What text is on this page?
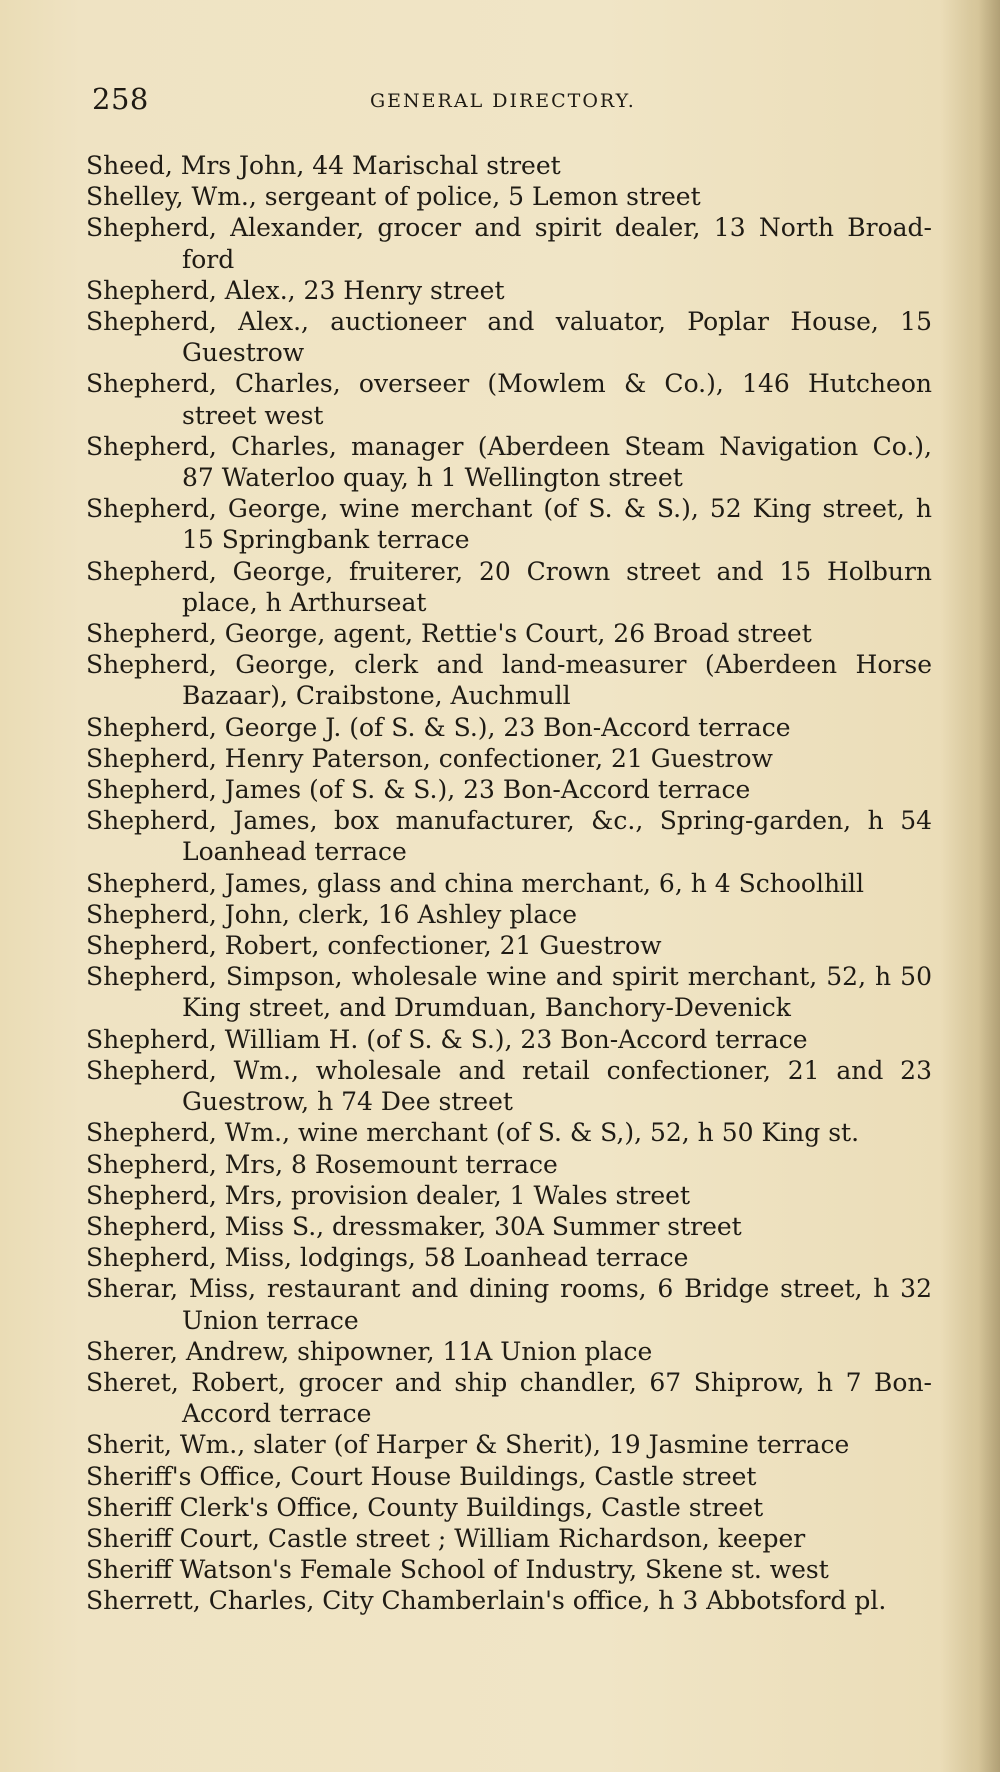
258	GENERAL DIRECTORY.
Sheed, Mrs John, 44 Marischal street
Shelley, Wm., sergeant of police, 5 Lemon street
Shepherd, Alexander, grocer and spirit dealer, 13 North Broad- ford
Shepherd, Alex., 23 Henry street
Shepherd, Alex., auctioneer and valuator, Poplar House, 15 Guestrow
Shepherd, Charles, overseer (Mowlem & Co.), 146 Hutcheon street west
Shepherd, Charles, manager (Aberdeen Steam Navigation Co.), 87 Waterloo quay, h 1 Wellington street
Shepherd, George, wine merchant (of S. & S.), 52 King street, h 15 Springbank terrace
Shepherd, George, fruiterer, 20 Crown street and 15 Holburn place, h Arthurseat
Shepherd, George, agent, Rettie's Court, 26 Broad street
Shepherd, George, clerk and land-measurer (Aberdeen Horse Bazaar), Craibstone, Auchmull
Shepherd, George J. (of S. & S.), 23 Bon-Accord terrace
Shepherd, Henry Paterson, confectioner, 21 Guestrow
Shepherd, James (of S. & S.), 23 Bon-Accord terrace
Shepherd, James, box manufacturer, &c., Spring-garden, h 54 Loanhead terrace
Shepherd, James, glass and china merchant, 6, h 4 Schoolhill
Shepherd, John, clerk, 16 Ashley place
Shepherd, Robert, confectioner, 21 Guestrow
Shepherd, Simpson, wholesale wine and spirit merchant, 52, h 50 King street, and Drumduan, Banchory-Devenick
Shepherd, William H. (of S. & S.), 23 Bon-Accord terrace
Shepherd, Wm., wholesale and retail confectioner, 21 and 23 Guestrow, h 74 Dee street
Shepherd, Wm., wine merchant (of S. & S,), 52, h 50 King st.
Shepherd, Mrs, 8 Rosemount terrace
Shepherd, Mrs, provision dealer, 1 Wales street
Shepherd, Miss S., dressmaker, 30A Summer street
Shepherd, Miss, lodgings, 58 Loanhead terrace
Sherar, Miss, restaurant and dining rooms, 6 Bridge street, h 32 Union terrace
Sherer, Andrew, shipowner, 11A Union place
Sheret, Robert, grocer and ship chandler, 67 Shiprow, h 7 Bon- Accord terrace
Sherit, Wm., slater (of Harper & Sherit), 19 Jasmine terrace
Sheriff's Office, Court House Buildings, Castle street
Sheriff Clerk's Office, County Buildings, Castle street
Sheriff Court, Castle street ; William Richardson, keeper
Sheriff Watson's Female School of Industry, Skene st. west
Sherrett, Charles, City Chamberlain's office, h 3 Abbotsford pl.
